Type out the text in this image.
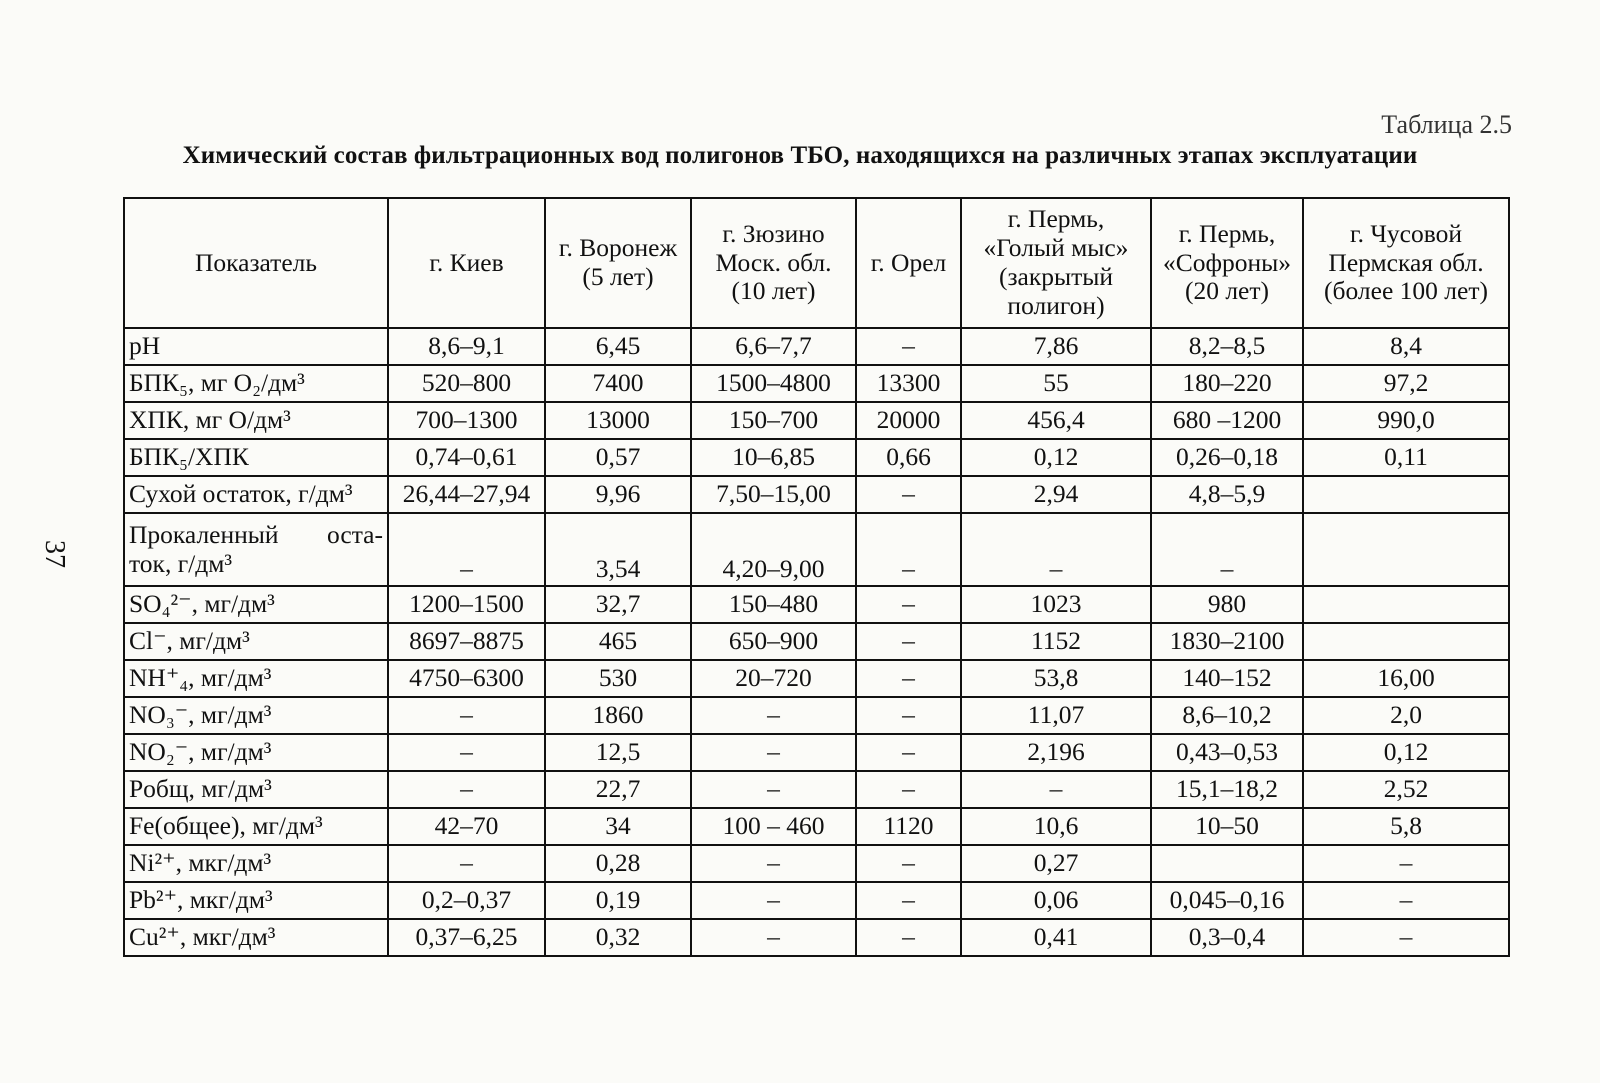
37
Таблица 2.5
Химический состав фильтрационных вод полигонов ТБО, находящихся на различных этапах эксплуатации
Показатель	г. Киев	г. Воронеж (5 лет)	г. Зюзино Моск. обл. (10 лет)	г. Орел	г. Пермь, «Голый мыс» (закрытый полигон)	г. Пермь, «Софроны» (20 лет)	г. Чусовой Пермская обл. (более 100 лет)
pH	8,6–9,1	6,45	6,6–7,7	–	7,86	8,2–8,5	8,4
БПК₅, мг O₂/дм³	520–800	7400	1500–4800	13300	55	180–220	97,2
ХПК, мг O/дм³	700–1300	13000	150–700	20000	456,4	680 –1200	990,0
БПК₅/ХПК	0,74–0,61	0,57	10–6,85	0,66	0,12	0,26–0,18	0,11
Сухой остаток, г/дм³	26,44–27,94	9,96	7,50–15,00	–	2,94	4,8–5,9	
Прокаленный оста-ток, г/дм³	–	3,54	4,20–9,00	–	–	–	
SO₄²⁻, мг/дм³	1200–1500	32,7	150–480	–	1023	980	
Cl⁻, мг/дм³	8697–8875	465	650–900	–	1152	1830–2100	
NH⁺₄, мг/дм³	4750–6300	530	20–720	–	53,8	140–152	16,00
NO₃⁻, мг/дм³	–	1860	–	–	11,07	8,6–10,2	2,0
NO₂⁻, мг/дм³	–	12,5	–	–	2,196	0,43–0,53	0,12
Pобщ, мг/дм³	–	22,7	–	–	–	15,1–18,2	2,52
Fe(общее), мг/дм³	42–70	34	100 – 460	1120	10,6	10–50	5,8
Ni²⁺, мкг/дм³	–	0,28	–	–	0,27		–
Pb²⁺, мкг/дм³	0,2–0,37	0,19	–	–	0,06	0,045–0,16	–
Cu²⁺, мкг/дм³	0,37–6,25	0,32	–	–	0,41	0,3–0,4	–
